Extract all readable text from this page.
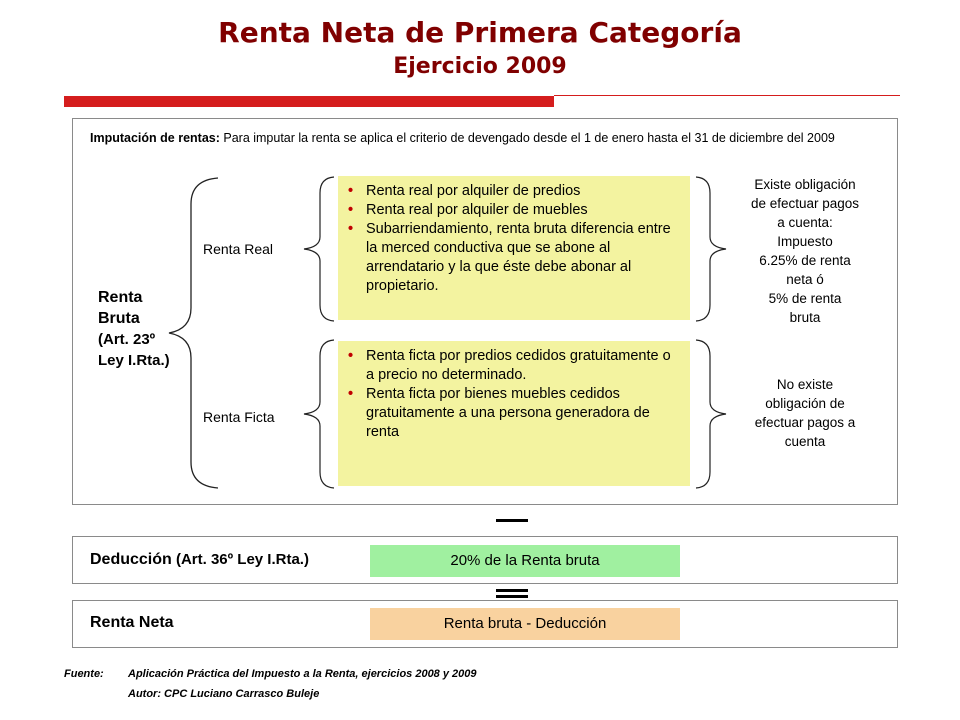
Renta Neta de Primera Categoría
Ejercicio 2009
Imputación de rentas: Para imputar la renta se aplica el criterio de devengado desde el 1 de enero hasta el 31 de diciembre del 2009
Renta
Bruta
(Art. 23º
Ley I.Rta.)
Renta Real
Renta Ficta
• Renta real por alquiler de predios
• Renta real por alquiler de muebles
• Subarriendamiento, renta bruta diferencia entre la merced conductiva que se abone al arrendatario y la que éste debe abonar al propietario.
• Renta ficta por predios cedidos gratuitamente o a precio no determinado.
• Renta ficta por bienes muebles cedidos gratuitamente a una persona generadora de renta
Existe obligación
de efectuar pagos
a cuenta:
Impuesto
6.25% de renta
neta ó
5% de renta
bruta
No existe
obligación de
efectuar pagos a
cuenta
Deducción (Art. 36º Ley I.Rta.)	20% de la Renta bruta
Renta Neta	Renta bruta - Deducción
Fuente: Aplicación Práctica del Impuesto a la Renta, ejercicios 2008 y 2009
Autor: CPC Luciano Carrasco Buleje
